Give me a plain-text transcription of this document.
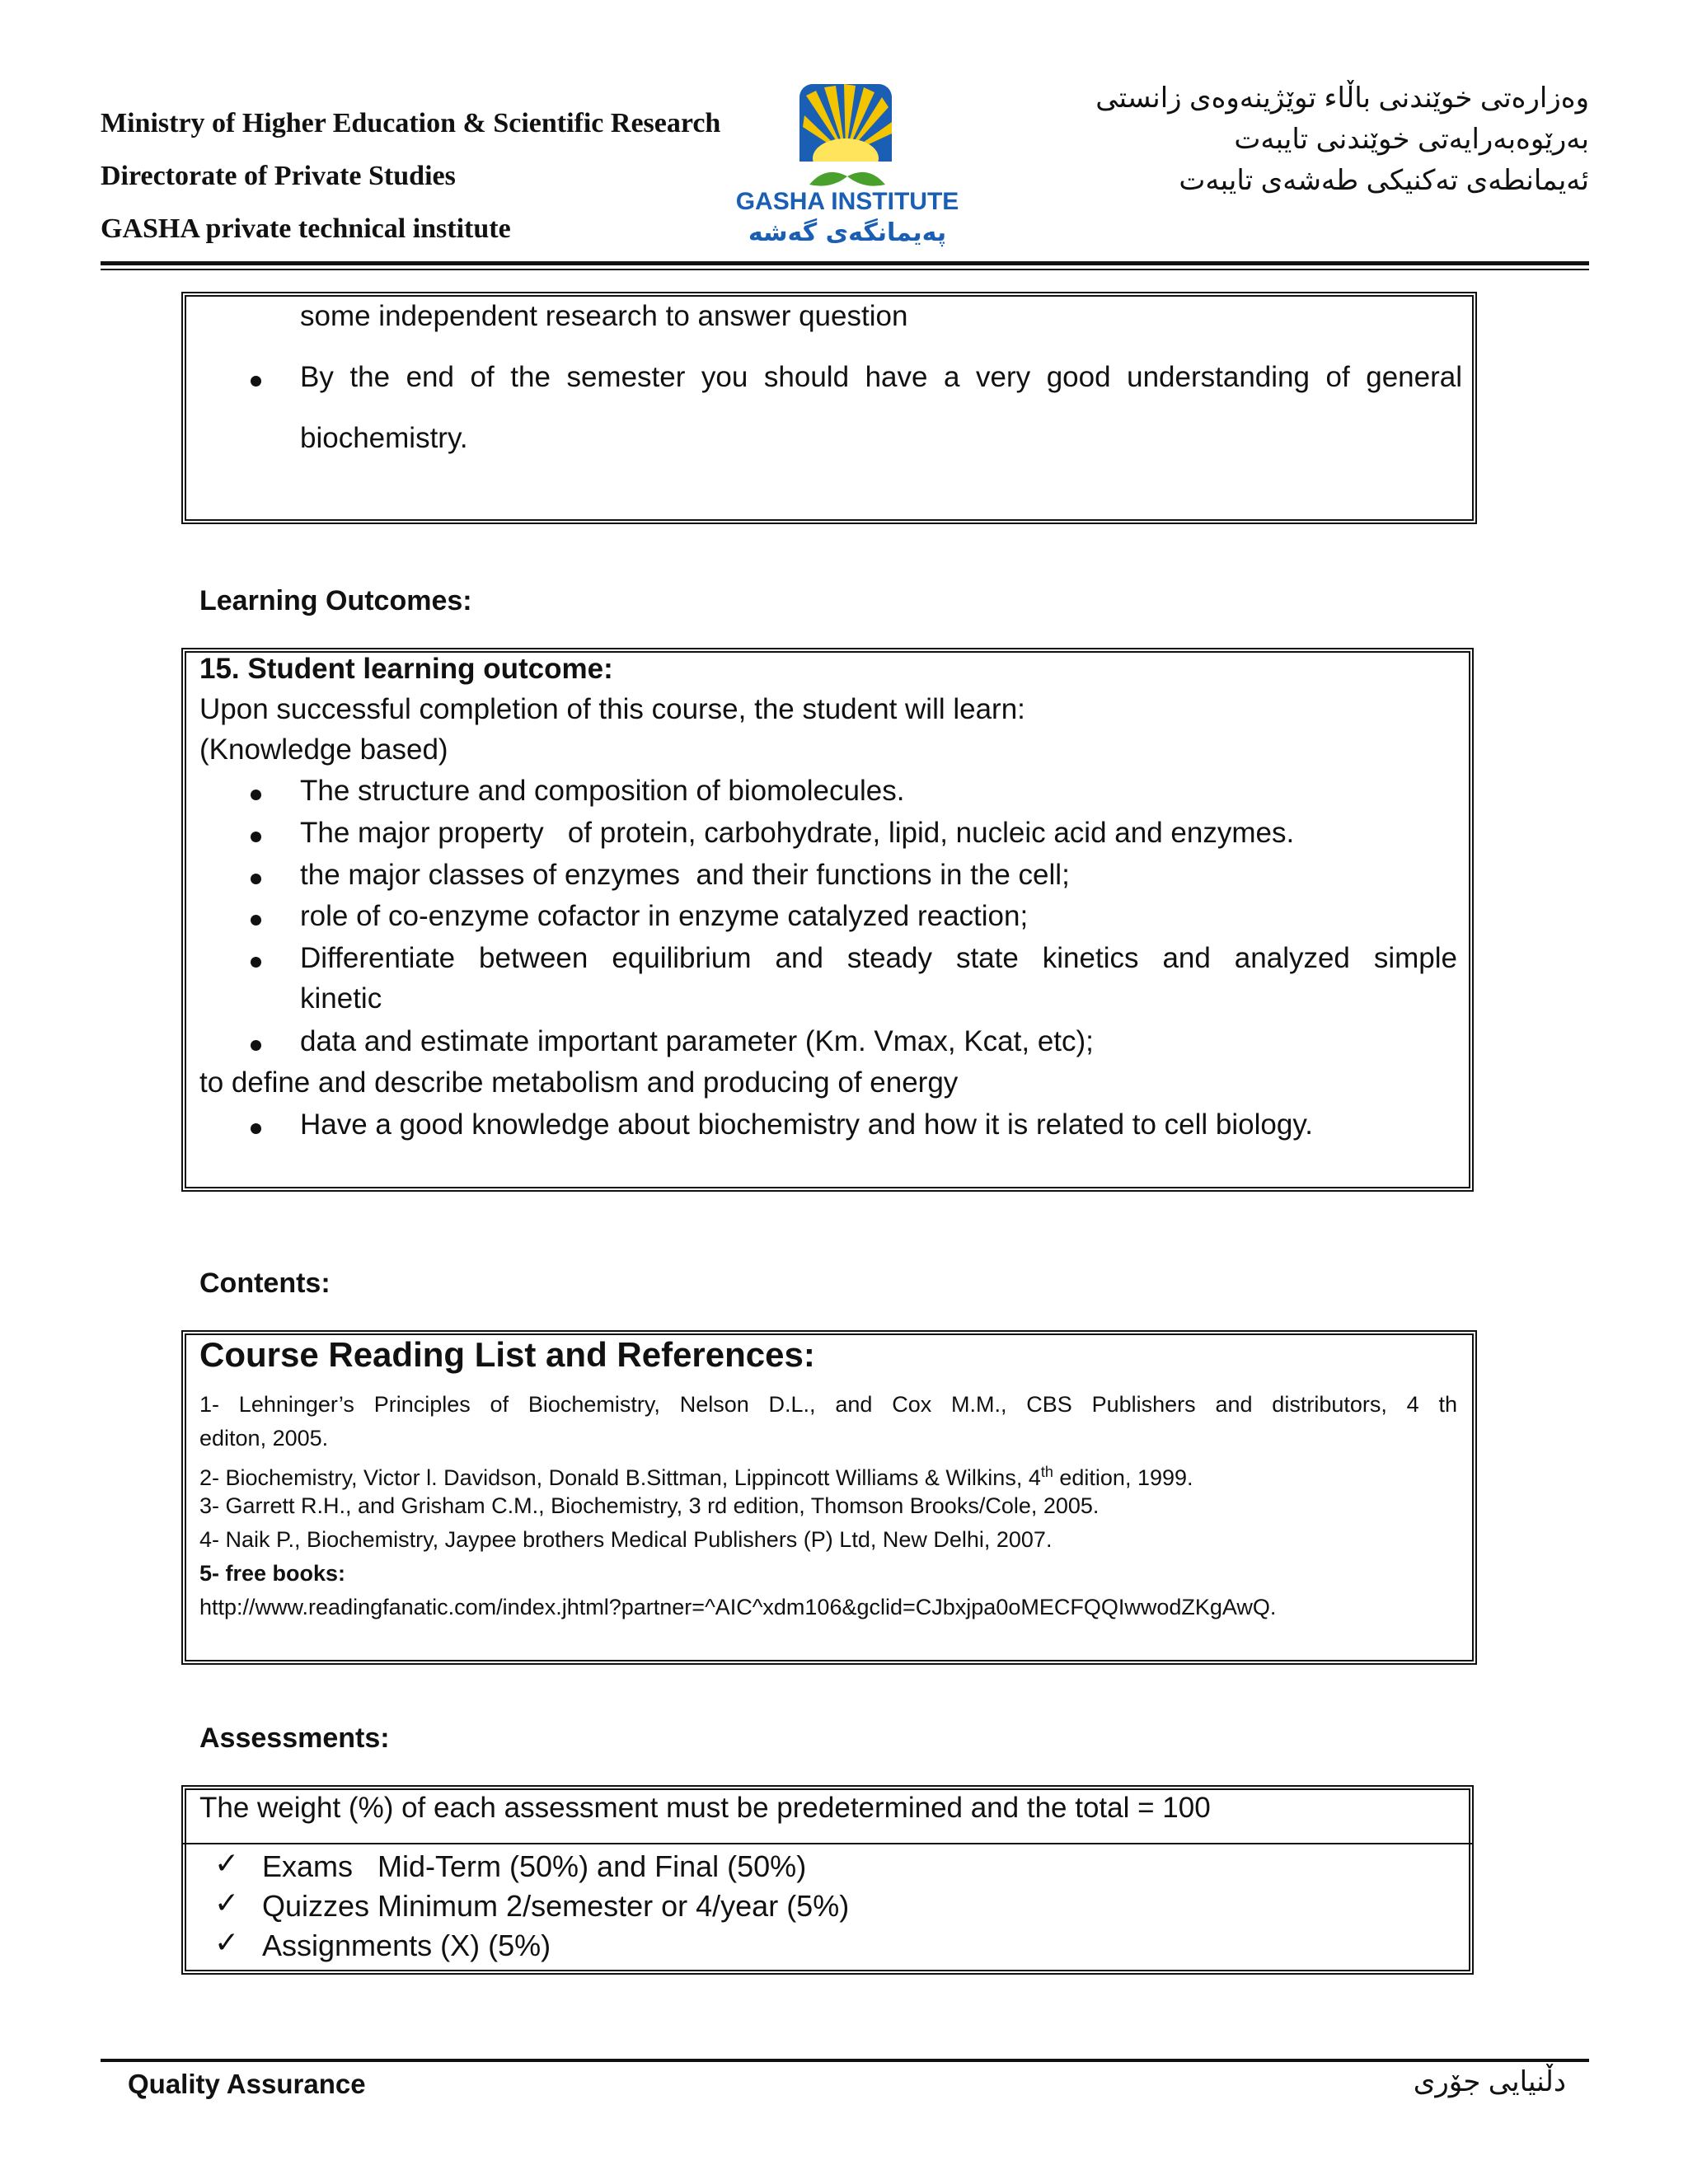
Ministry of Higher Education & Scientific Research
Directorate of Private Studies
GASHA private technical institute
GASHA INSTITUTE
پەیمانگەی گەشە
وەزارەتی خوێندنی باڵاء توێژینەوەی زانستی
بەرێوەبەرایەتی خوێندنی تایبەت
ئەیمانطەی تەکنیکی طەشەی تایبەت
some independent research to answer question
By the end of the semester you should have a very good understanding of general
biochemistry.
Learning Outcomes:
15. Student learning outcome:
Upon successful completion of this course, the student will learn:
(Knowledge based)
The structure and composition of biomolecules.
The major property   of protein, carbohydrate, lipid, nucleic acid and enzymes.
the major classes of enzymes  and their functions in the cell;
role of co-enzyme cofactor in enzyme catalyzed reaction;
Differentiate between equilibrium and steady state kinetics and analyzed simple
kinetic
data and estimate important parameter (Km. Vmax, Kcat, etc);
to define and describe metabolism and producing of energy
Have a good knowledge about biochemistry and how it is related to cell biology.
Contents:
Course Reading List and References:
1- Lehninger’s Principles of Biochemistry, Nelson D.L., and Cox M.M., CBS Publishers and distributors, 4 th
editon, 2005.
2- Biochemistry, Victor l. Davidson, Donald B.Sittman, Lippincott Williams & Wilkins, 4th edition, 1999.
3- Garrett R.H., and Grisham C.M., Biochemistry, 3 rd edition, Thomson Brooks/Cole, 2005.
4- Naik P., Biochemistry, Jaypee brothers Medical Publishers (P) Ltd, New Delhi, 2007.
5- free books:
http://www.readingfanatic.com/index.jhtml?partner=^AIC^xdm106&gclid=CJbxjpa0oMECFQQIwwodZKgAwQ.
Assessments:
The weight (%) of each assessment must be predetermined and the total = 100
✓ Exams   Mid-Term (50%) and Final (50%)
✓ Quizzes Minimum 2/semester or 4/year (5%)
✓ Assignments (X) (5%)
Quality Assurance	دڵنیایی جۆری
